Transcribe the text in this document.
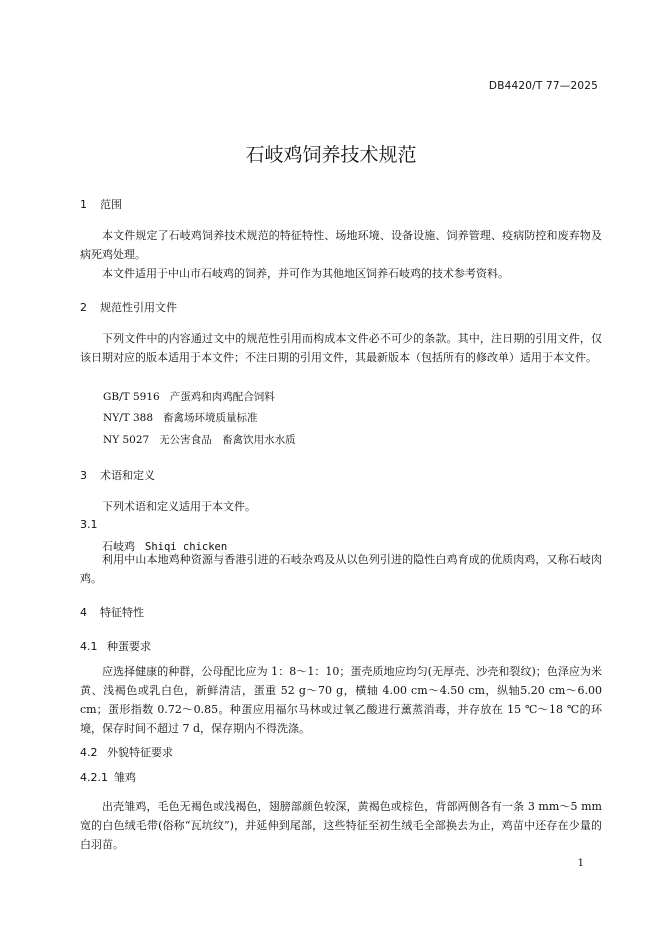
DB4420/T 77—2025
石岐鸡饲养技术规范
1 范围
本文件规定了石岐鸡饲养技术规范的特征特性、场地环境、设备设施、饲养管理、疫病防控和废弃物及病死鸡处理。
本文件适用于中山市石岐鸡的饲养，并可作为其他地区饲养石岐鸡的技术参考资料。
2 规范性引用文件
下列文件中的内容通过文中的规范性引用而构成本文件必不可少的条款。其中，注日期的引用文件，仅该日期对应的版本适用于本文件；不注日期的引用文件，其最新版本（包括所有的修改单）适用于本文件。
GB/T 5916 产蛋鸡和肉鸡配合饲料
NY/T 388 畜禽场环境质量标准
NY 5027 无公害食品　畜禽饮用水水质
3 术语和定义
下列术语和定义适用于本文件。
3.1
石岐鸡 Shiqi chicken
利用中山本地鸡种资源与香港引进的石岐杂鸡及从以色列引进的隐性白鸡育成的优质肉鸡，又称石岐肉鸡。
4 特征特性
4.1 种蛋要求
应选择健康的种群，公母配比应为 1：8～1：10；蛋壳质地应均匀(无厚壳、沙壳和裂纹)；色泽应为米黄、浅褐色或乳白色，新鲜清洁，蛋重 52 g～70 g，横轴 4.00 cm～4.50 cm，纵轴5.20 cm～6.00 cm；蛋形指数 0.72～0.85。种蛋应用福尔马林或过氧乙酸进行薰蒸消毒，并存放在 15 ℃～18 ℃的环境，保存时间不超过 7 d，保存期内不得洗涤。
4.2 外貌特征要求
4.2.1 雏鸡
出壳雏鸡，毛色无褐色或浅褐色，翅膀部颜色较深，黄褐色或棕色，背部两侧各有一条 3 mm～5 mm宽的白色绒毛带(俗称“瓦坑纹”)，并延伸到尾部，这些特征至初生绒毛全部换去为止，鸡苗中还存在少量的白羽苗。
1
